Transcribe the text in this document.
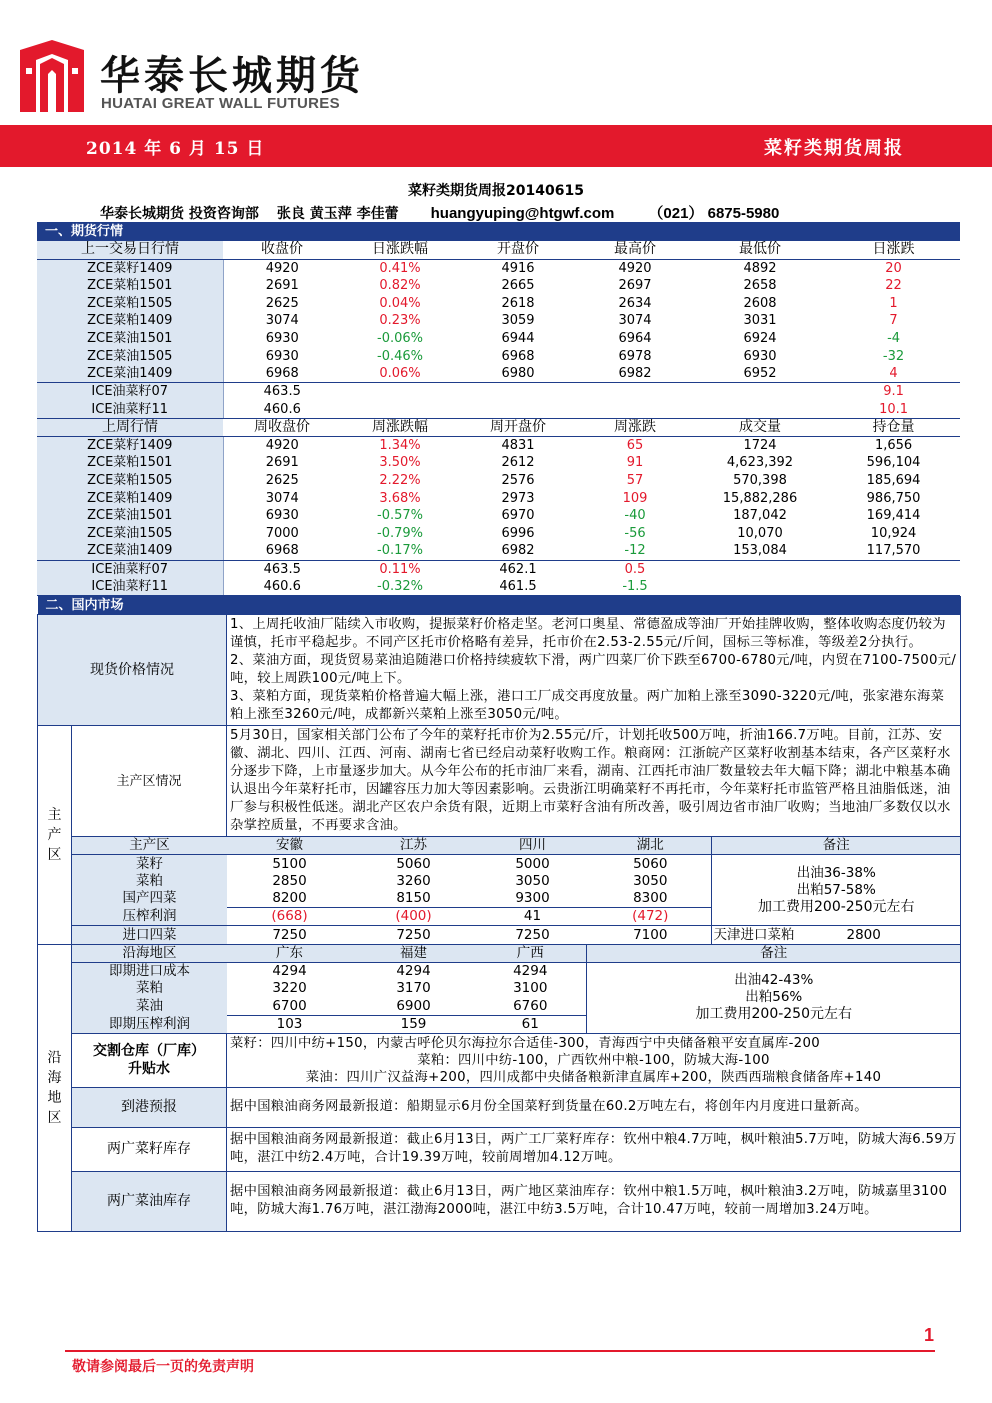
华泰长城期货
HUATAI GREAT WALL FUTURES
2014 年 6 月 15 日	菜籽类期货周报
菜籽类期货周报20140615
华泰长城期货 投资咨询部 张良 黄玉萍 李佳蕾 huangyuping@htgwf.com （021） 6875-5980
一、期货行情						
上一交易日行情	收盘价	日涨跌幅	开盘价	最高价	最低价	日涨跌
ZCE菜籽1409	4920	0.41%	4916	4920	4892	20
ZCE菜粕1501	2691	0.82%	2665	2697	2658	22
ZCE菜粕1505	2625	0.04%	2618	2634	2608	1
ZCE菜粕1409	3074	0.23%	3059	3074	3031	7
ZCE菜油1501	6930	-0.06%	6944	6964	6924	-4
ZCE菜油1505	6930	-0.46%	6968	6978	6930	-32
ZCE菜油1409	6968	0.06%	6980	6982	6952	4
ICE油菜籽07	463.5					9.1
ICE油菜籽11	460.6					10.1
上周行情	周收盘价	周涨跌幅	周开盘价	周涨跌	成交量	持仓量
ZCE菜籽1409	4920	1.34%	4831	65	1724	1,656
ZCE菜粕1501	2691	3.50%	2612	91	4,623,392	596,104
ZCE菜粕1505	2625	2.22%	2576	57	570,398	185,694
ZCE菜粕1409	3074	3.68%	2973	109	15,882,286	986,750
ZCE菜油1501	6930	-0.57%	6970	-40	187,042	169,414
ZCE菜油1505	7000	-0.79%	6996	-56	10,070	10,924
ZCE菜油1409	6968	-0.17%	6982	-12	153,084	117,570
ICE油菜籽07	463.5	0.11%	462.1	0.5		
ICE油菜籽11	460.6	-0.32%	461.5	-1.5		
二、国内市场
现货价格情况	
1、上周托收油厂陆续入市收购，提振菜籽价格走坚。老河口奥星、常德盈成等油厂开始挂牌收购，整体收购态度仍较为谨慎，托市平稳起步。不同产区托市价格略有差异，托市价在2.53-2.55元/斤间，国标三等标准，等级差2分执行。
2、菜油方面，现货贸易菜油追随港口价格持续疲软下滑，两广四菜厂价下跌至6700-6780元/吨，内贸在7100-7500元/吨，较上周跌100元/吨上下。
3、菜粕方面，现货菜粕价格普遍大幅上涨，港口工厂成交再度放量。两广加粕上涨至3090-3220元/吨，张家港东海菜粕上涨至3260元/吨，成都新兴菜粕上涨至3050元/吨。

主产区	主产区情况	5月30日，国家相关部门公布了今年的菜籽托市价为2.55元/斤，计划托收500万吨，折油166.7万吨。目前，江苏、安徽、湖北、四川、江西、河南、湖南七省已经启动菜籽收购工作。粮商网：江浙皖产区菜籽收割基本结束，各产区菜籽水分逐步下降，上市量逐步加大。从今年公布的托市油厂来看，湖南、江西托市油厂数量较去年大幅下降；湖北中粮基本确认退出今年菜籽托市，因罐容压力加大等因素影响。云贵浙江明确菜籽不再托市，今年菜籽托市监管严格且油脂低迷，油厂参与积极性低迷。湖北产区农户余货有限，近期上市菜籽含油有所改善，吸引周边省市油厂收购；当地油厂多数仅以水杂掌控质量，不再要求含油。

主产区	安徽	江苏	四川	湖北	备注
菜籽	5100	5060	5000	5060	
出油36-38%
出粕57-58%
加工费用200-250元左右

菜粕	2850	3260	3050	3050
国产四菜	8200	8150	9300	8300
压榨利润	(668)	(400)	41	(472)

进口四菜	7250	7250	7250	7100	天津进口菜粕	2800

沿海地区	
沿海地区	广东	福建	广西	备注
即期进口成本	4294	4294	4294	
出油42-43%
出粕56%
加工费用200-250元左右

菜粕	3220	3170	3100
菜油	6700	6900	6760
即期压榨利润	103	159	61

交割仓库（厂库）
升贴水

菜籽：四川中纺+150，内蒙古呼伦贝尔海拉尔合适佳-300，青海西宁中央储备粮平安直属库-200
菜粕：四川中纺-100，广西钦州中粮-100，防城大海-100
菜油：四川广汉益海+200，四川成都中央储备粮新津直属库+200，陕西西瑞粮食储备库+140

到港预报	据中国粮油商务网最新报道：船期显示6月份全国菜籽到货量在60.2万吨左右，将创年内月度进口量新高。
两广菜籽库存	据中国粮油商务网最新报道：截止6月13日，两广工厂菜籽库存：钦州中粮4.7万吨，枫叶粮油5.7万吨，防城大海6.59万吨，湛江中纺2.4万吨，合计19.39万吨，较前周增加4.12万吨。
两广菜油库存	据中国粮油商务网最新报道：截止6月13日，两广地区菜油库存：钦州中粮1.5万吨，枫叶粮油3.2万吨，防城嘉里3100吨，防城大海1.76万吨，湛江渤海2000吨，湛江中纺3.5万吨，合计10.47万吨，较前一周增加3.24万吨。
1
敬请参阅最后一页的免责声明
